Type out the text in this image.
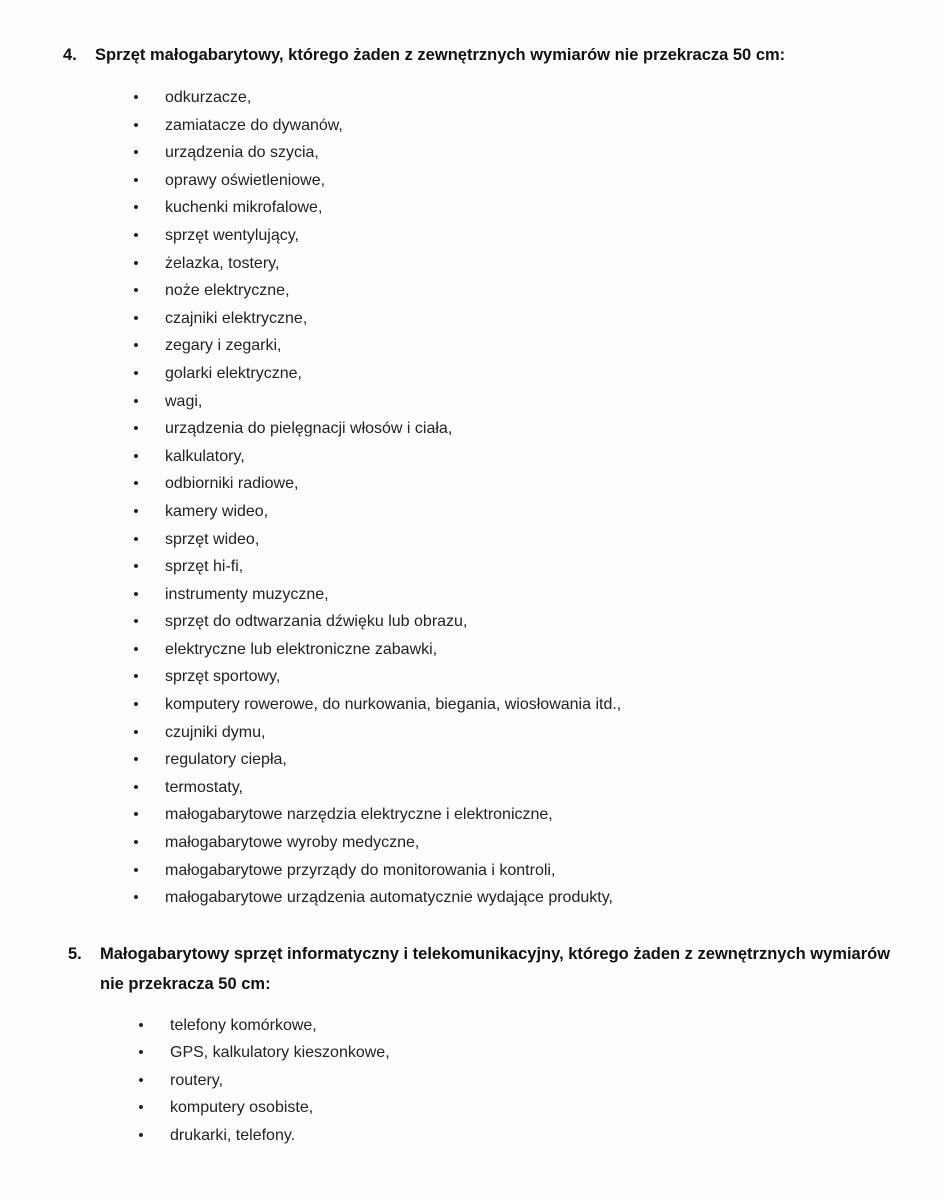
4.	Sprzęt małogabarytowy, którego żaden z zewnętrznych wymiarów nie przekracza 50 cm:
• odkurzacze,
• zamiatacze do dywanów,
• urządzenia do szycia,
• oprawy oświetleniowe,
• kuchenki mikrofalowe,
• sprzęt wentylujący,
• żelazka, tostery,
• noże elektryczne,
• czajniki elektryczne,
• zegary i zegarki,
• golarki elektryczne,
• wagi,
• urządzenia do pielęgnacji włosów i ciała,
• kalkulatory,
• odbiorniki radiowe,
• kamery wideo,
• sprzęt wideo,
• sprzęt hi-fi,
• instrumenty muzyczne,
• sprzęt do odtwarzania dźwięku lub obrazu,
• elektryczne lub elektroniczne zabawki,
• sprzęt sportowy,
• komputery rowerowe, do nurkowania, biegania, wiosłowania itd.,
• czujniki dymu,
• regulatory ciepła,
• termostaty,
• małogabarytowe narzędzia elektryczne i elektroniczne,
• małogabarytowe wyroby medyczne,
• małogabarytowe przyrządy do monitorowania i kontroli,
• małogabarytowe urządzenia automatycznie wydające produkty,
5.	Małogabarytowy sprzęt informatyczny i telekomunikacyjny, którego żaden z zewnętrznych wymiarów nie przekracza 50 cm:
• telefony komórkowe,
• GPS, kalkulatory kieszonkowe,
• routery,
• komputery osobiste,
• drukarki, telefony.
